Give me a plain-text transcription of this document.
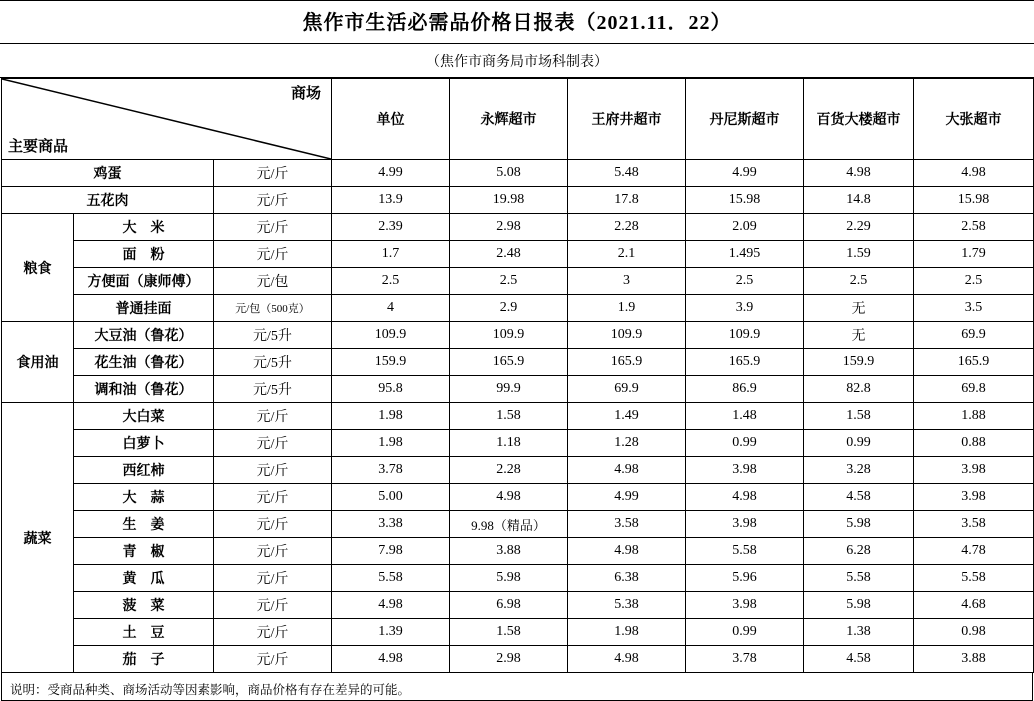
焦作市生活必需品价格日报表（2021.11．22）
（焦作市商务局市场科制表）
商场
主要商品			单位	永辉超市	王府井超市	丹尼斯超市	百货大楼超市	大张超市	
鸡蛋		元/斤	4.99	5.08	5.48	4.99	4.98	4.98	
五花肉		元/斤	13.9	19.98	17.8	15.98	14.8	15.98	
粮食	大　米	元/斤	2.39	2.98	2.28	2.09	2.29	2.58	
	面　粉	元/斤	1.7	2.48	2.1	1.495	1.59	1.79	
	方便面（康师傅）	元/包	2.5	2.5	3	2.5	2.5	2.5	
	普通挂面	元/包（500克）	4	2.9	1.9	3.9	无	3.5	
食用油	大豆油（鲁花）	元/5升	109.9	109.9	109.9	109.9	无	69.9	
	花生油（鲁花）	元/5升	159.9	165.9	165.9	165.9	159.9	165.9	
	调和油（鲁花）	元/5升	95.8	99.9	69.9	86.9	82.8	69.8	
蔬菜	大白菜	元/斤	1.98	1.58	1.49	1.48	1.58	1.88	
	白萝卜	元/斤	1.98	1.18	1.28	0.99	0.99	0.88	
	西红柿	元/斤	3.78	2.28	4.98	3.98	3.28	3.98	
	大　蒜	元/斤	5.00	4.98	4.99	4.98	4.58	3.98	
	生　姜	元/斤	3.38	9.98（精品）	3.58	3.98	5.98	3.58	
	青　椒	元/斤	7.98	3.88	4.98	5.58	6.28	4.78	
	黄　瓜	元/斤	5.58	5.98	6.38	5.96	5.58	5.58	
	菠　菜	元/斤	4.98	6.98	5.38	3.98	5.98	4.68	
	土　豆	元/斤	1.39	1.58	1.98	0.99	1.38	0.98	
	茄　子	元/斤	4.98	2.98	4.98	3.78	4.58	3.88	
说明：受商品种类、商场活动等因素影响，商品价格有存在差异的可能。
